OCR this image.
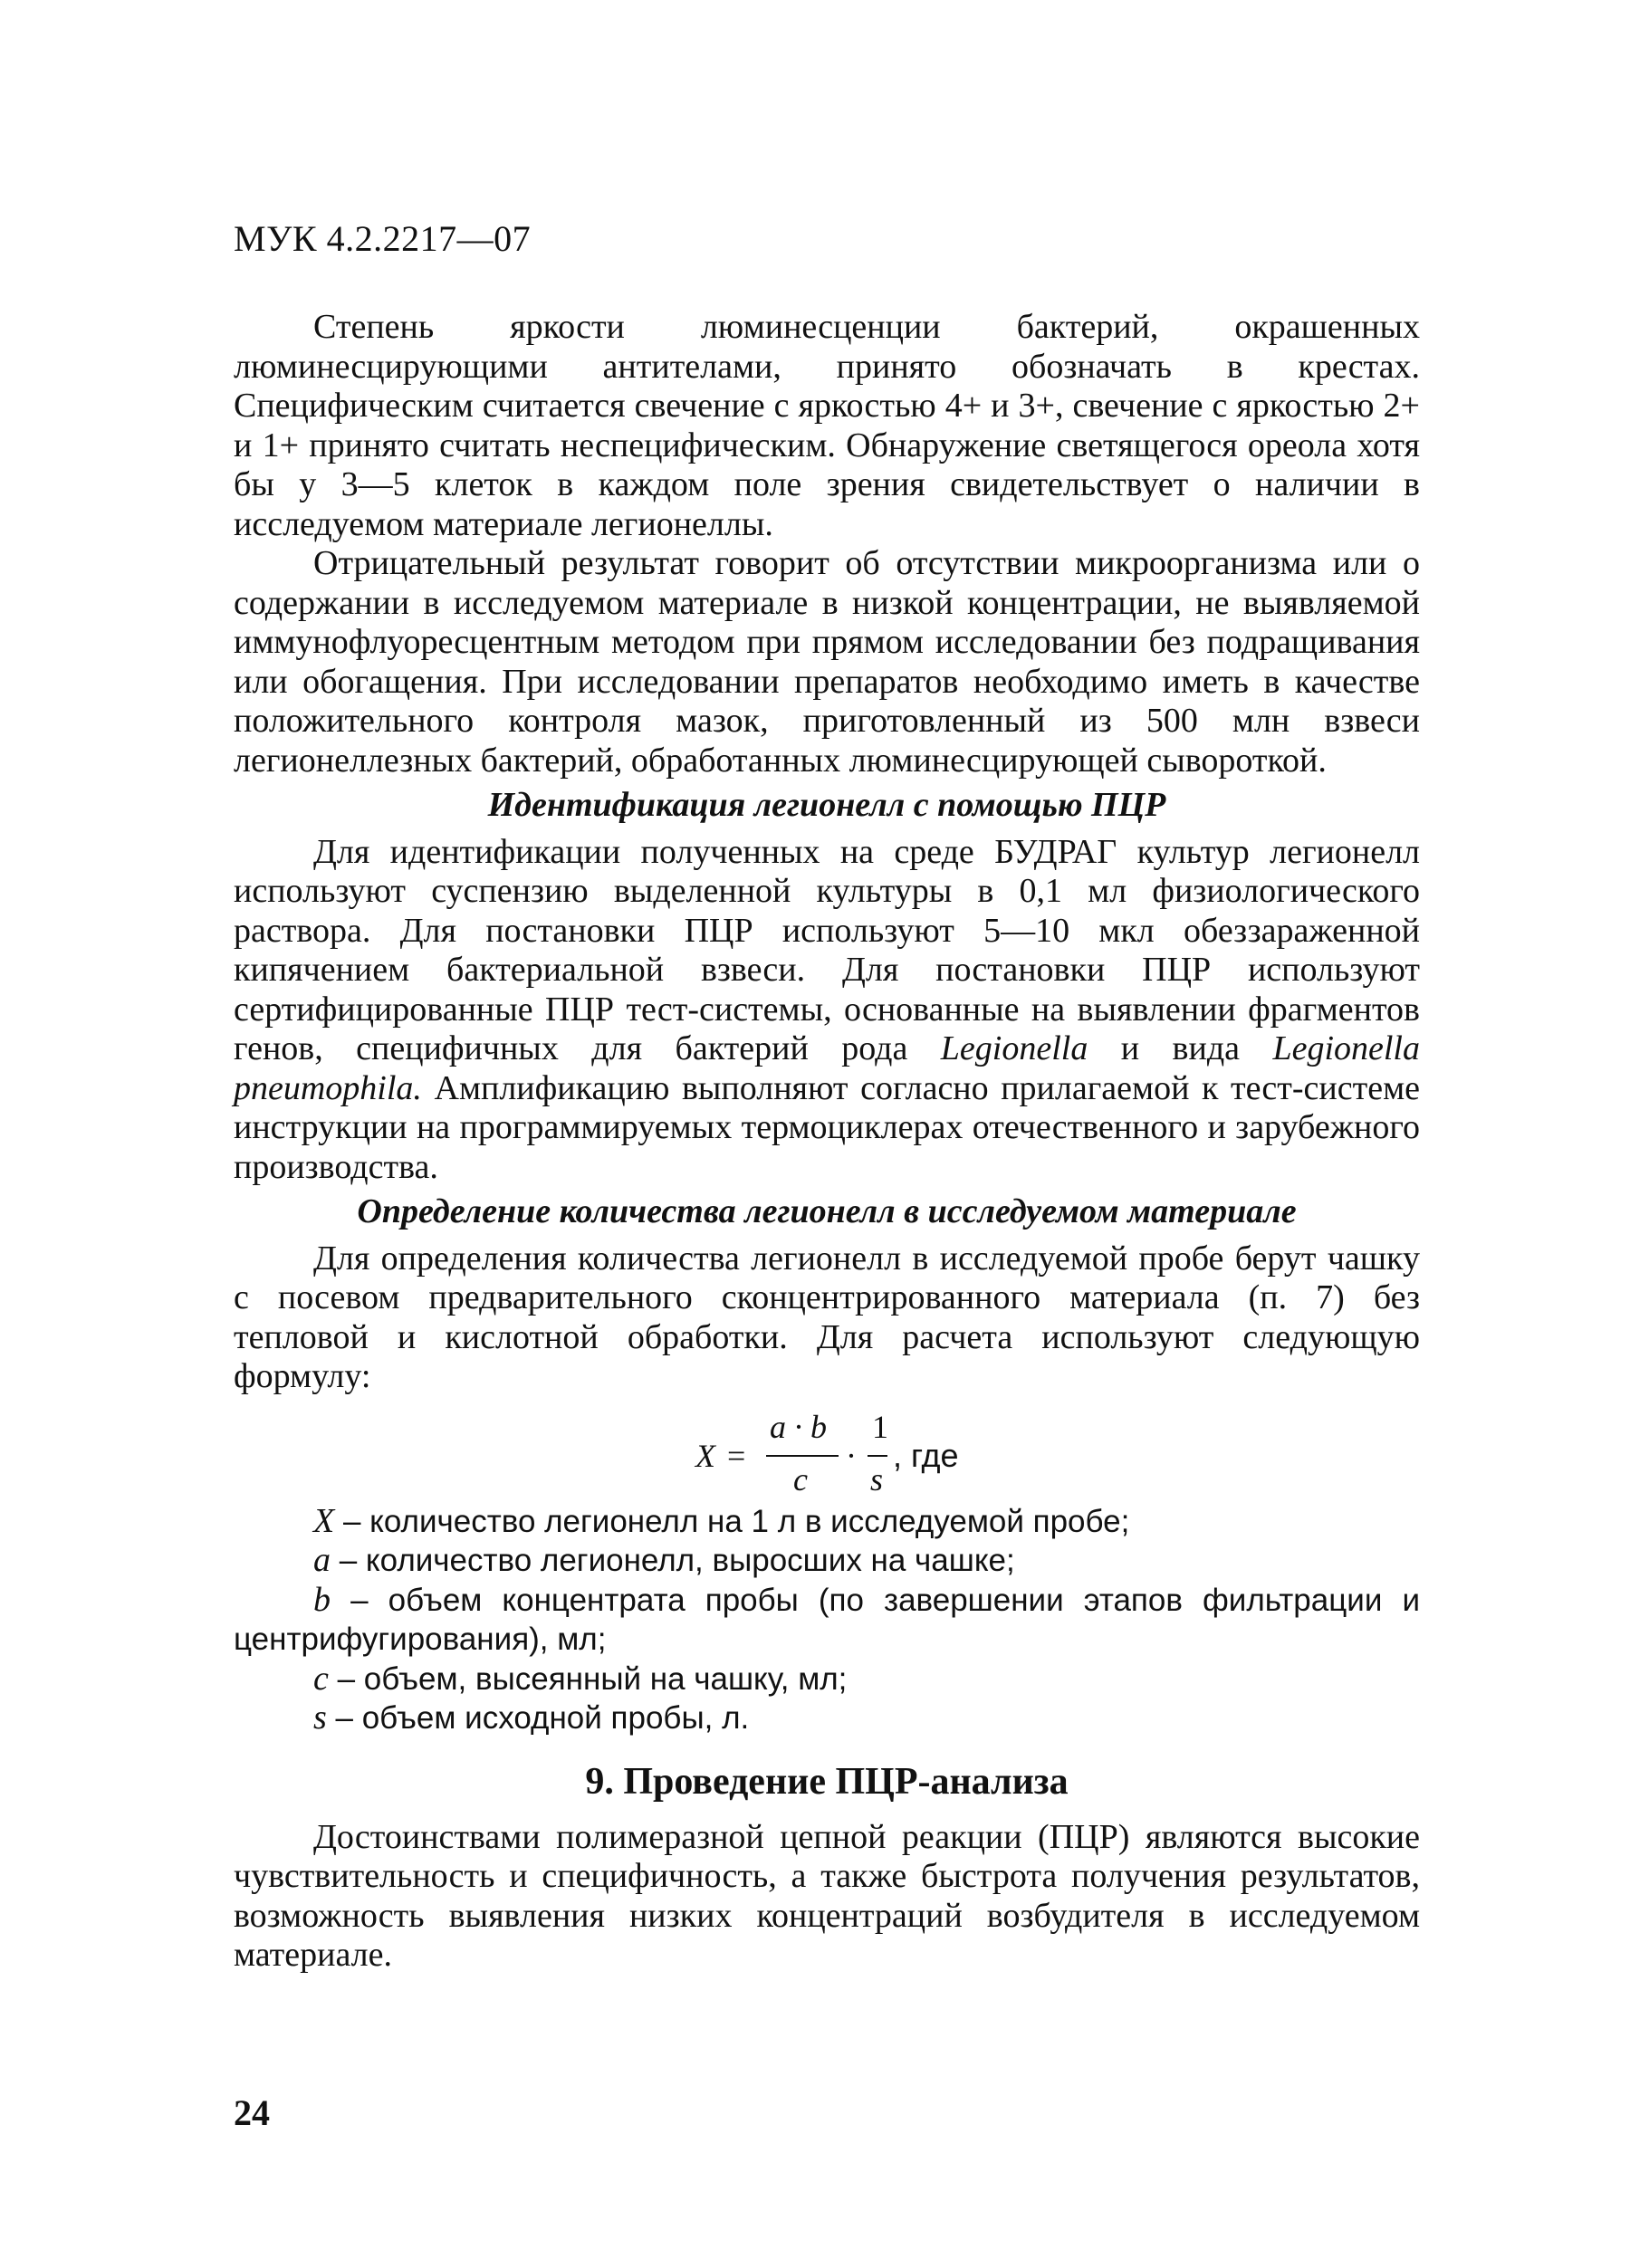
МУК 4.2.2217—07

Степень яркости люминесценции бактерий, окрашенных люминесцирующими антителами, принято обозначать в крестах. Специфическим считается свечение с яркостью 4+ и 3+, свечение с яркостью 2+ и 1+ принято считать неспецифическим. Обнаружение светящегося ореола хотя бы у 3—5 клеток в каждом поле зрения свидетельствует о наличии в исследуемом материале легионеллы.

Отрицательный результат говорит об отсутствии микроорганизма или о содержании в исследуемом материале в низкой концентрации, не выявляемой иммунофлуоресцентным методом при прямом исследовании без подращивания или обогащения. При исследовании препаратов необходимо иметь в качестве положительного контроля мазок, приготовленный из 500 млн взвеси легионеллезных бактерий, обработанных люминесцирующей сывороткой.

Идентификация легионелл с помощью ПЦР

Для идентификации полученных на среде БУДРАГ культур легионелл используют суспензию выделенной культуры в 0,1 мл физиологического раствора. Для постановки ПЦР используют 5—10 мкл обеззараженной кипячением бактериальной взвеси. Для постановки ПЦР используют сертифицированные ПЦР тест-системы, основанные на выявлении фрагментов генов, специфичных для бактерий рода Legionella и вида Legionella pneumophila. Амплификацию выполняют согласно прилагаемой к тест-системе инструкции на программируемых термоциклерах отечественного и зарубежного производства.

Определение количества легионелл в исследуемом материале

Для определения количества легионелл в исследуемой пробе берут чашку с посевом предварительного сконцентрированного материала (п. 7) без тепловой и кислотной обработки. Для расчета используют следующую формулу:

X =
a · b
c
·
1
s
, где
X – количество легионелл на 1 л в исследуемой пробе;
a – количество легионелл, выросших на чашке;
b – объем концентрата пробы (по завершении этапов фильтрации и центрифугирования), мл;
c – объем, высеянный на чашку, мл;
s – объем исходной пробы, л.
9. Проведение ПЦР-анализа

Достоинствами полимеразной цепной реакции (ПЦР) являются высокие чувствительность и специфичность, а также быстрота получения результатов, возможность выявления низких концентраций возбудителя в исследуемом материале.

24
